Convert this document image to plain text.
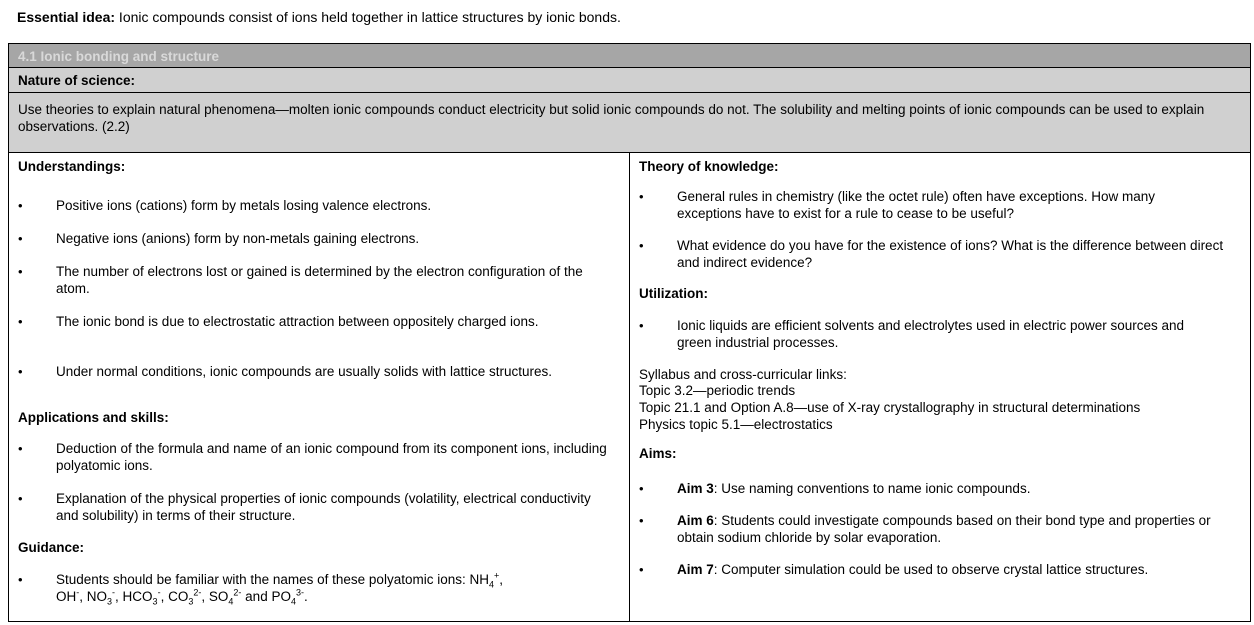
Essential idea: Ionic compounds consist of ions held together in lattice structures by ionic bonds.
4.1 Ionic bonding and structure
Nature of science:
Use theories to explain natural phenomena—molten ionic compounds conduct electricity but solid ionic compounds do not. The solubility and melting points of ionic compounds can be used to explain observations. (2.2)
Understandings:
• Positive ions (cations) form by metals losing valence electrons.
• Negative ions (anions) form by non-metals gaining electrons.
• The number of electrons lost or gained is determined by the electron configuration of the atom.
• The ionic bond is due to electrostatic attraction between oppositely charged ions.
• Under normal conditions, ionic compounds are usually solids with lattice structures.
Applications and skills:
• Deduction of the formula and name of an ionic compound from its component ions, including polyatomic ions.
• Explanation of the physical properties of ionic compounds (volatility, electrical conductivity and solubility) in terms of their structure.
Guidance:
• Students should be familiar with the names of these polyatomic ions: $NH_4^+$,
OH-, $NO_3^-$, $HCO_3^-$, $CO_3^{2-}$, $SO_4^{2-}$ and $PO_4^{3-}$.
Theory of knowledge:
• General rules in chemistry (like the octet rule) often have exceptions. How many exceptions have to exist for a rule to cease to be useful?
• What evidence do you have for the existence of ions? What is the difference between direct and indirect evidence?
Utilization:
• Ionic liquids are efficient solvents and electrolytes used in electric power sources and green industrial processes.
Syllabus and cross-curricular links:
Topic 3.2—periodic trends
Topic 21.1 and Option A.8—use of X-ray crystallography in structural determinations
Physics topic 5.1—electrostatics
Aims:
• Aim 3: Use naming conventions to name ionic compounds.
• Aim 6: Students could investigate compounds based on their bond type and properties or obtain sodium chloride by solar evaporation.
• Aim 7: Computer simulation could be used to observe crystal lattice structures.
